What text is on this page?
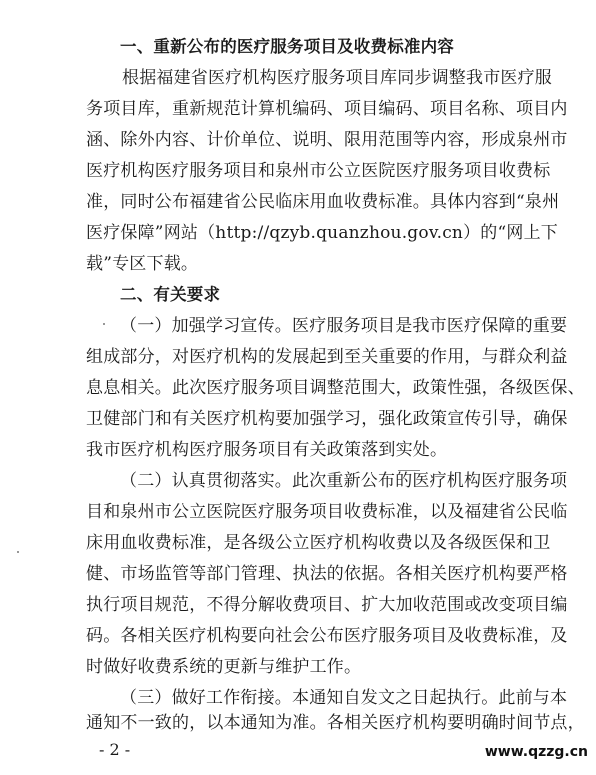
一、重新公布的医疗服务项目及收费标准内容
根据福建省医疗机构医疗服务项目库同步调整我市医疗服
务项目库，重新规范计算机编码、项目编码、项目名称、项目内
涵、除外内容、计价单位、说明、限用范围等内容，形成泉州市
医疗机构医疗服务项目和泉州市公立医院医疗服务项目收费标
准，同时公布福建省公民临床用血收费标准。具体内容到“泉州
医疗保障”网站（http://qzyb.quanzhou.gov.cn）的“网上下
载”专区下载。
二、有关要求
（一）加强学习宣传。医疗服务项目是我市医疗保障的重要
组成部分，对医疗机构的发展起到至关重要的作用，与群众利益
息息相关。此次医疗服务项目调整范围大，政策性强，各级医保、
卫健部门和有关医疗机构要加强学习，强化政策宣传引导，确保
我市医疗机构医疗服务项目有关政策落到实处。
（二）认真贯彻落实。此次重新公布的医疗机构医疗服务项
目和泉州市公立医院医疗服务项目收费标准，以及福建省公民临
床用血收费标准，是各级公立医疗机构收费以及各级医保和卫
健、市场监管等部门管理、执法的依据。各相关医疗机构要严格
执行项目规范，不得分解收费项目、扩大加收范围或改变项目编
码。各相关医疗机构要向社会公布医疗服务项目及收费标准，及
时做好收费系统的更新与维护工作。
（三）做好工作衔接。本通知自发文之日起执行。此前与本
通知不一致的，以本通知为准。各相关医疗机构要明确时间节点，
- 2 -	www.qzzg.cn
